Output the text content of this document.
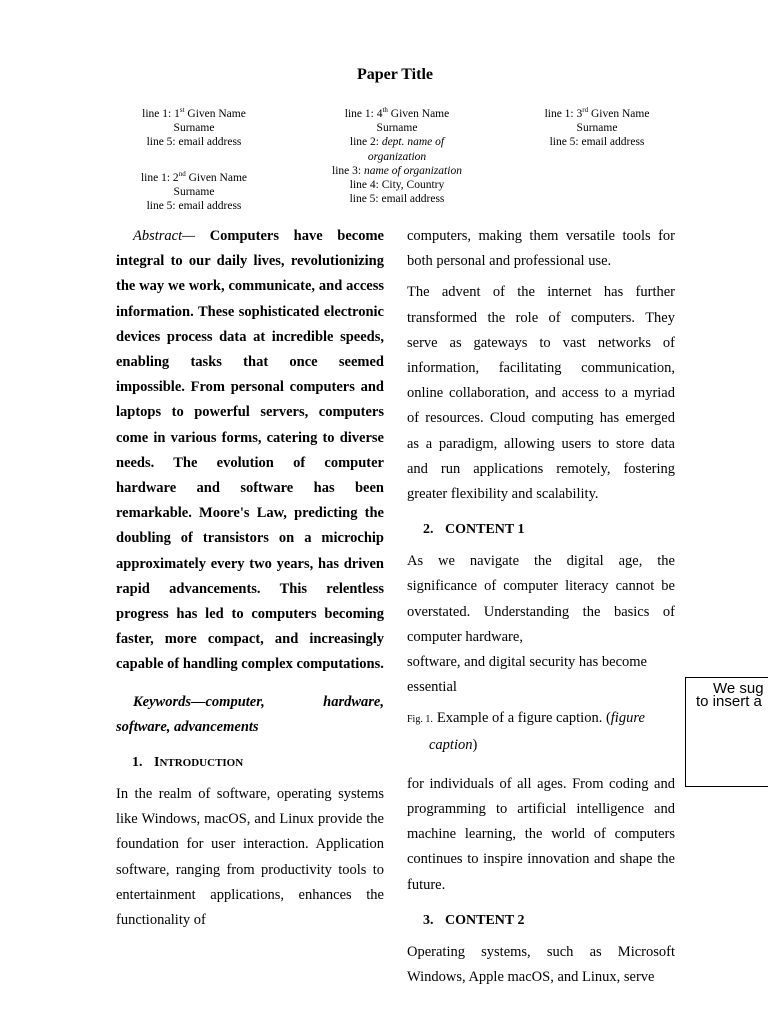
Paper Title
line 1: 1st Given Name
Surname
line 5: email address
line 1: 4th Given Name
Surname
line 2: dept. name of
organization
line 3: name of organization
line 4: City, Country
line 5: email address
line 1: 3rd Given Name
Surname
line 5: email address
line 1: 2nd Given Name
Surname
line 5: email address

Abstract— Computers have become integral to our daily lives, revolutionizing the way we work, communicate, and access information. These sophisticated electronic devices process data at incredible speeds, enabling tasks that once seemed impossible. From personal computers and laptops to powerful servers, computers come in various forms, catering to diverse needs. The evolution of computer hardware and software has been remarkable. Moore's Law, predicting the doubling of transistors on a microchip approximately every two years, has driven rapid advancements. This relentless progress has led to computers becoming faster, more compact, and increasingly capable of handling complex computations.

Keywords—computer, hardware, software, advancements

1. INTRODUCTION

In the realm of software, operating systems like Windows, macOS, and Linux provide the foundation for user interaction. Application software, ranging from productivity tools to entertainment applications, enhances the functionality of

computers, making them versatile tools for both personal and professional use.

The advent of the internet has further transformed the role of computers. They serve as gateways to vast networks of information, facilitating communication, online collaboration, and access to a myriad of resources. Cloud computing has emerged as a paradigm, allowing users to store data and run applications remotely, fostering greater flexibility and scalability.

2. CONTENT 1

As we navigate the digital age, the significance of computer literacy cannot be overstated. Understanding the basics of computer hardware,

software, and digital security has become essential

Fig. 1. Example of a figure caption. (figure caption)

for individuals of all ages. From coding and programming to artificial intelligence and machine learning, the world of computers continues to inspire innovation and shape the future.

3. CONTENT 2

Operating systems, such as Microsoft Windows, Apple macOS, and Linux, serve

We sug
to insert a
